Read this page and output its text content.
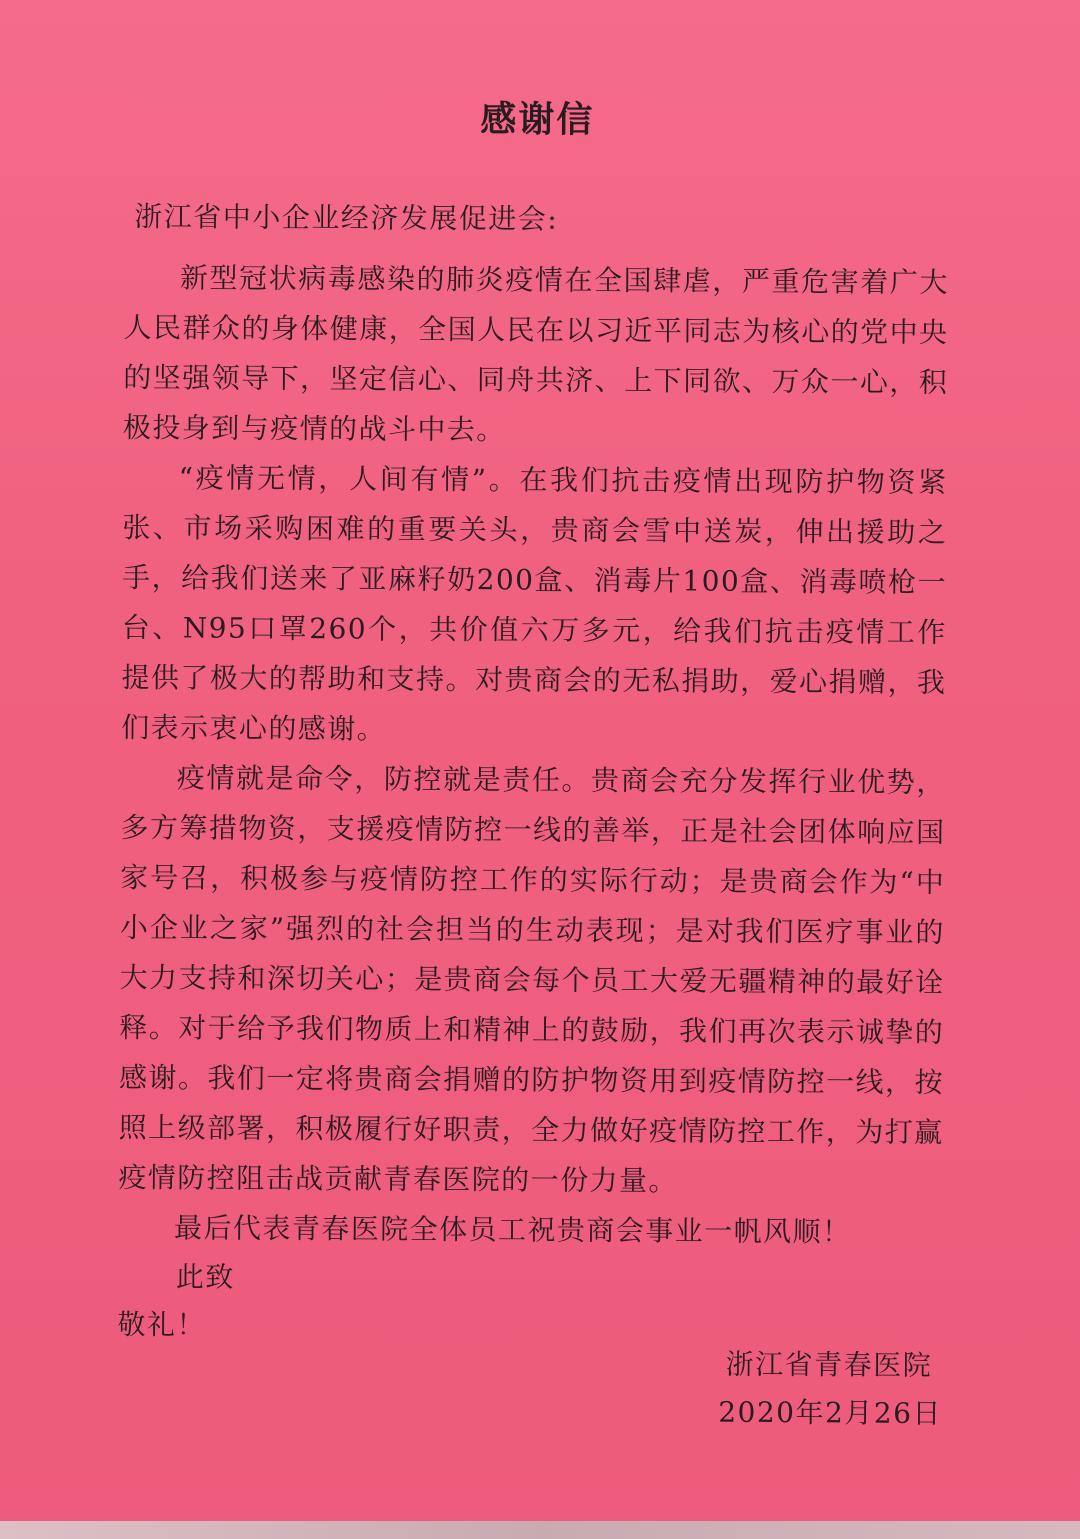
感谢信
浙江省中小企业经济发展促进会:

新型冠状病毒感染的肺炎疫情在全国肆虐，严重危害着广大人民群众的身体健康，全国人民在以习近平同志为核心的党中央的坚强领导下，坚定信心、同舟共济、上下同欲、万众一心，积极投身到与疫情的战斗中去。

“疫情无情，人间有情”。在我们抗击疫情出现防护物资紧张、市场采购困难的重要关头，贵商会雪中送炭，伸出援助之手，给我们送来了亚麻籽奶200盒、消毒片100盒、消毒喷枪一台、N95口罩260个，共价值六万多元，给我们抗击疫情工作提供了极大的帮助和支持。对贵商会的无私捐助，爱心捐赠，我们表示衷心的感谢。

疫情就是命令，防控就是责任。贵商会充分发挥行业优势，多方筹措物资，支援疫情防控一线的善举，正是社会团体响应国家号召，积极参与疫情防控工作的实际行动；是贵商会作为“中小企业之家”强烈的社会担当的生动表现；是对我们医疗事业的大力支持和深切关心；是贵商会每个员工大爱无疆精神的最好诠释。对于给予我们物质上和精神上的鼓励，我们再次表示诚挚的感谢。我们一定将贵商会捐赠的防护物资用到疫情防控一线，按照上级部署，积极履行好职责，全力做好疫情防控工作，为打赢疫情防控阻击战贡献青春医院的一份力量。

最后代表青春医院全体员工祝贵商会事业一帆风顺！

此致
敬礼！
浙江省青春医院
2020年2月26日
